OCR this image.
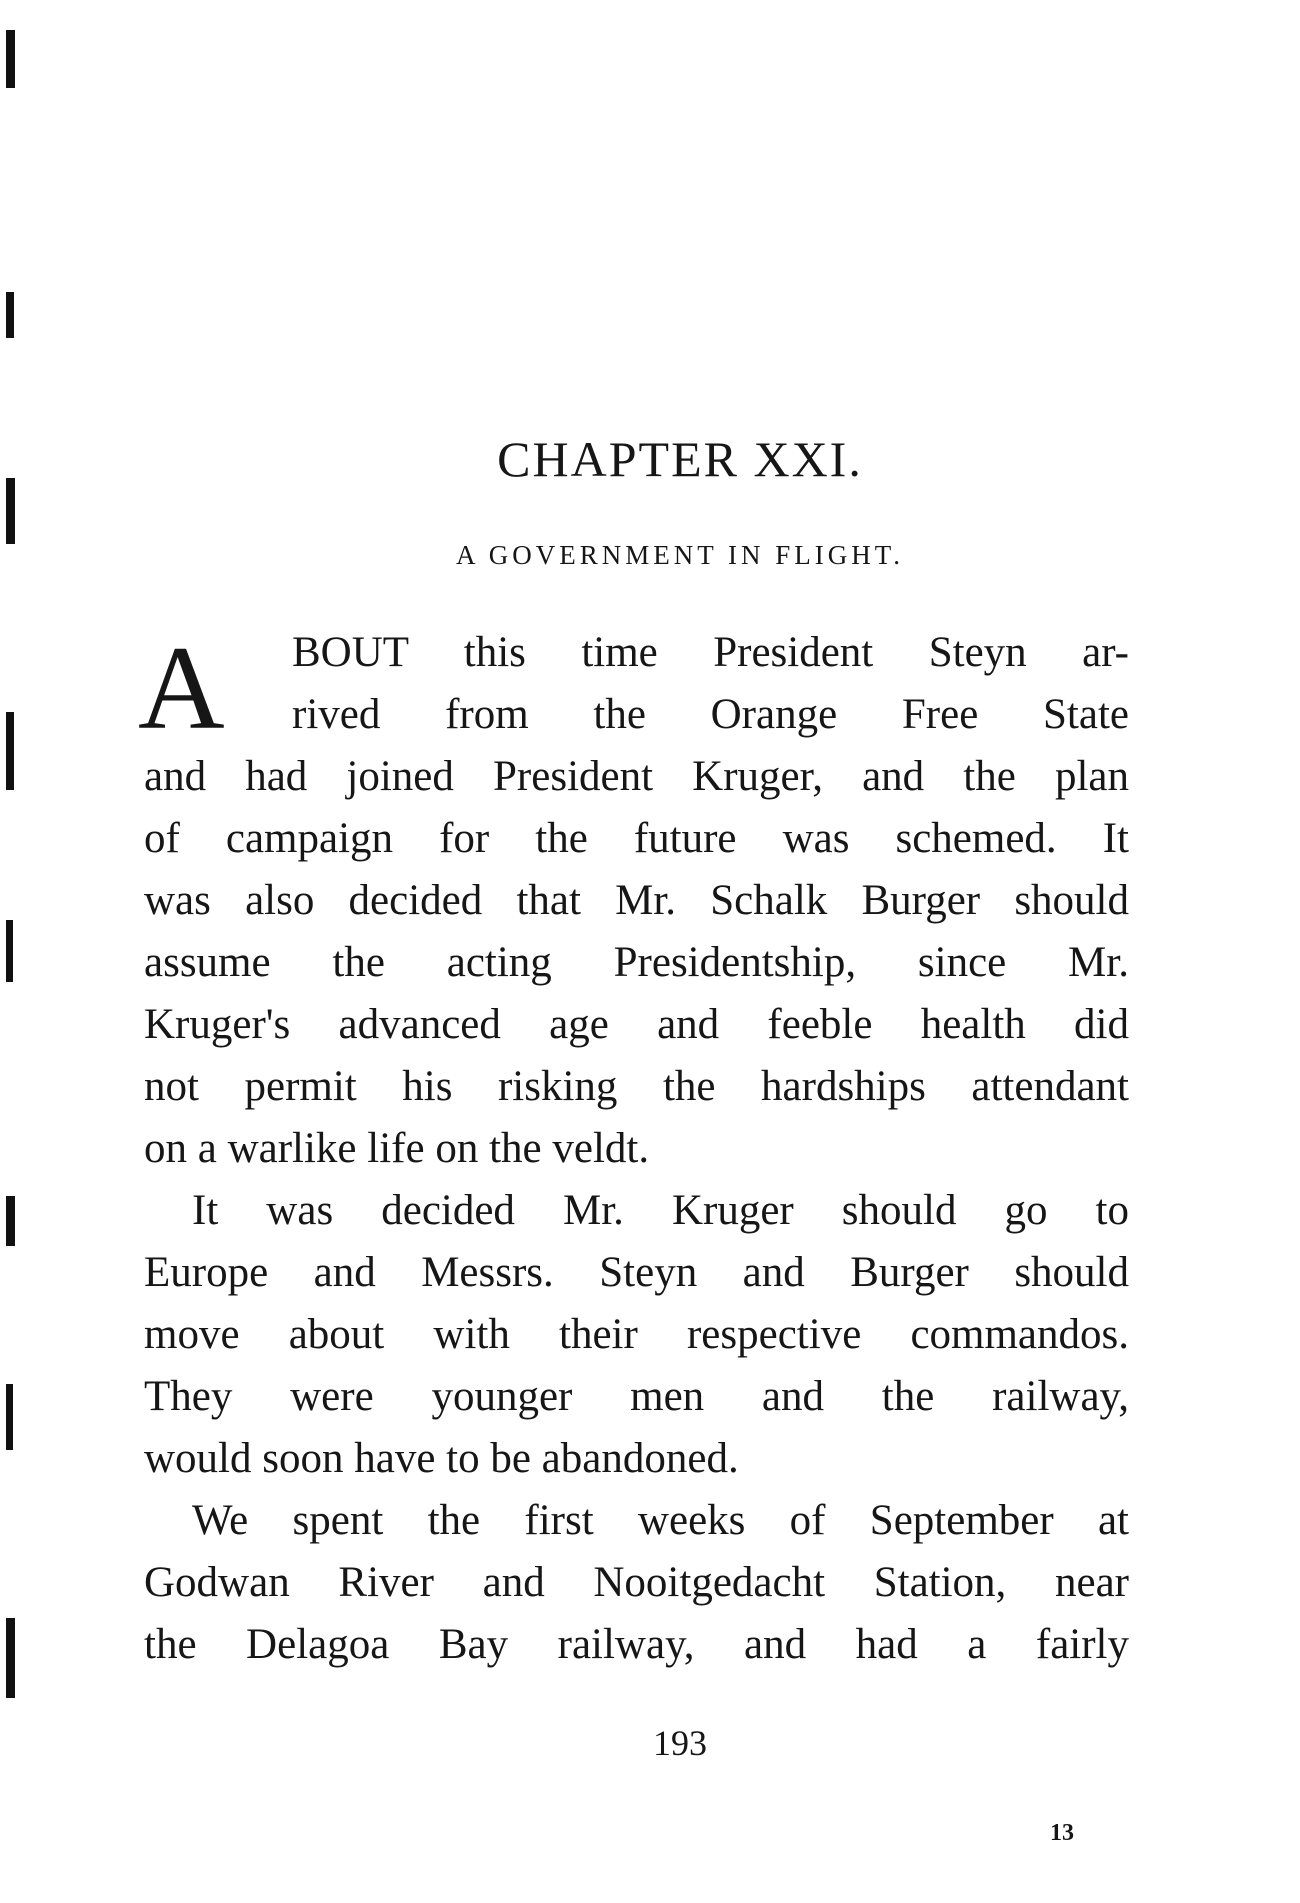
CHAPTER XXI.
A GOVERNMENT IN FLIGHT.
A	BOUT this time President Steyn ar-
rived from the Orange Free State
and had joined President Kruger, and the plan
of campaign for the future was schemed. It
was also decided that Mr. Schalk Burger should
assume the acting Presidentship, since Mr.
Kruger's advanced age and feeble health did
not permit his risking the hardships attendant
on a warlike life on the veldt.
It was decided Mr. Kruger should go to
Europe and Messrs. Steyn and Burger should
move about with their respective commandos.
They were younger men and the railway,
would soon have to be abandoned.
We spent the first weeks of September at
Godwan River and Nooitgedacht Station, near
the Delagoa Bay railway, and had a fairly
193
13
